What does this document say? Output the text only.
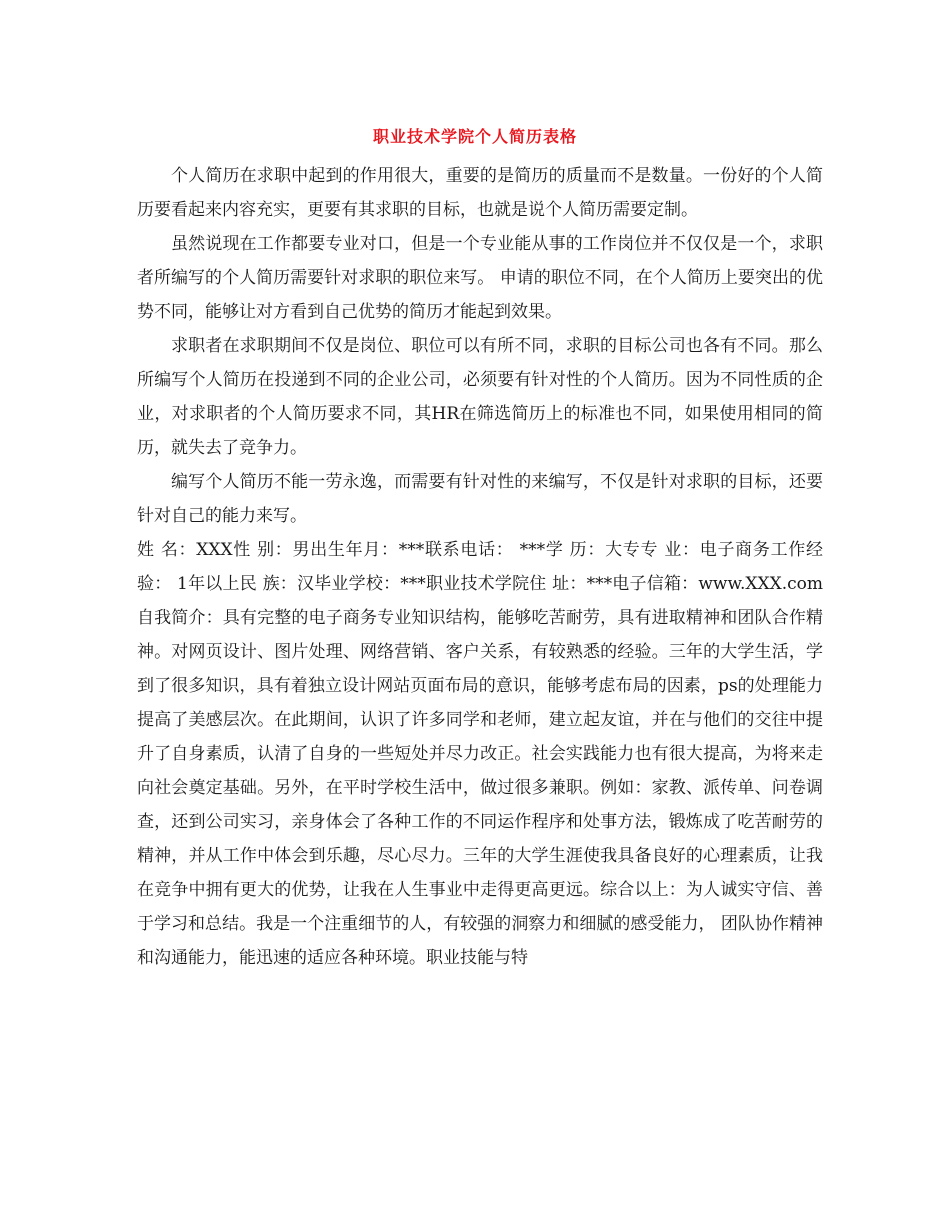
职业技术学院个人简历表格

个人简历在求职中起到的作用很大，重要的是简历的质量而不是数量。一份好的个人简历要看起来内容充实，更要有其求职的目标，也就是说个人简历需要定制。

虽然说现在工作都要专业对口，但是一个专业能从事的工作岗位并不仅仅是一个，求职者所编写的个人简历需要针对求职的职位来写。 申请的职位不同，在个人简历上要突出的优势不同，能够让对方看到自己优势的简历才能起到效果。

求职者在求职期间不仅是岗位、职位可以有所不同，求职的目标公司也各有不同。那么所编写个人简历在投递到不同的企业公司，必须要有针对性的个人简历。因为不同性质的企业，对求职者的个人简历要求不同，其HR在筛选简历上的标准也不同，如果使用相同的简历，就失去了竞争力。

编写个人简历不能一劳永逸，而需要有针对性的来编写，不仅是针对求职的目标，还要针对自己的能力来写。

姓 名：XXX性 别：男出生年月：***联系电话： ***学 历：大专专 业：电子商务工作经验： 1年以上民 族：汉毕业学校：***职业技术学院住 址：***电子信箱：www.XXX.com自我简介：具有完整的电子商务专业知识结构，能够吃苦耐劳，具有进取精神和团队合作精神。对网页设计、图片处理、网络营销、客户关系，有较熟悉的经验。三年的大学生活，学到了很多知识，具有着独立设计网站页面布局的意识，能够考虑布局的因素，ps的处理能力提高了美感层次。在此期间，认识了许多同学和老师，建立起友谊，并在与他们的交往中提升了自身素质，认清了自身的一些短处并尽力改正。社会实践能力也有很大提高，为将来走向社会奠定基础。另外，在平时学校生活中，做过很多兼职。例如：家教、派传单、问卷调查，还到公司实习，亲身体会了各种工作的不同运作程序和处事方法，锻炼成了吃苦耐劳的精神，并从工作中体会到乐趣，尽心尽力。三年的大学生涯使我具备良好的心理素质，让我在竞争中拥有更大的优势，让我在人生事业中走得更高更远。综合以上：为人诚实守信、善于学习和总结。我是一个注重细节的人，有较强的洞察力和细腻的感受能力， 团队协作精神和沟通能力，能迅速的适应各种环境。职业技能与特
